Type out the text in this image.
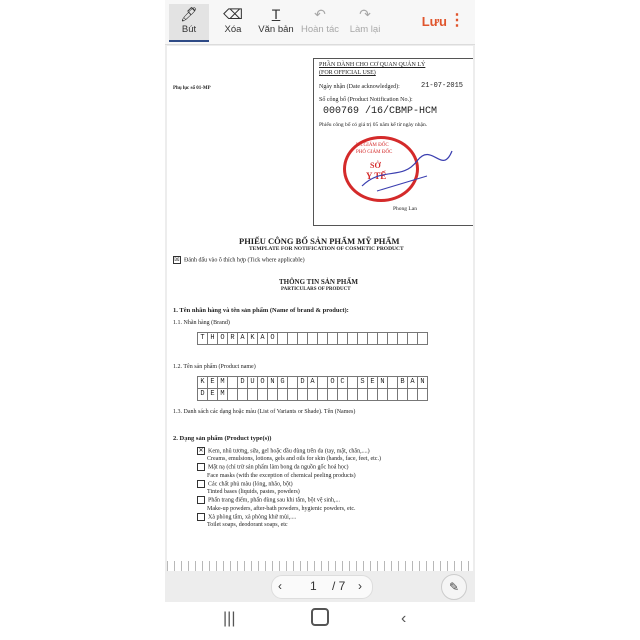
🖊
Bút
⌫
Xóa
T
Văn bản
↶
Hoàn tác
↷
Làm lại
Lưu ⋮
Phụ lục số 01-MP
PHẦN DÀNH CHO CƠ QUAN QUẢN LÝ
(FOR OFFICIAL USE)
Ngày nhận (Date acknowledged):	21-07-2015
Số công bố (Product Notification No.):
000769 /16/CBMP-HCM
Phiếu công bố có giá trị 05 năm kể từ ngày nhận.
KT.GIÁM ĐỐC
PHÓ GIÁM ĐỐC
SỞ
Y TẾ
Phong Lan
PHIẾU CÔNG BỐ SẢN PHẨM MỸ PHẨM
TEMPLATE FOR NOTIFICATION OF COSMETIC PRODUCT
☒ Đánh dấu vào ô thích hợp (Tick where applicable)
THÔNG TIN SẢN PHẨM
PARTICULARS OF PRODUCT
1. Tên nhãn hàng và tên sản phẩm (Name of brand & product):
1.1. Nhãn hàng (Brand)
T	H	O	R	A	K	A	O															
1.2. Tên sản phẩm (Product name)
K	E	M		D	U	O	N	G		D	A		O	C		S	E	N		B	A	N
D	E	M																				
1.3. Danh sách các dạng hoặc màu (List of Variants or Shade). Tên (Names)
2. Dạng sản phẩm (Product type(s))
✕ Kem, nhũ tương, sữa, gel hoặc dầu dùng trên da (tay, mặt, chân,....)
Creams, emulsions, lotions, gels and oils for skin (hands, face, feet, etc.)
Mặt nạ (chỉ trừ sản phẩm làm bong da nguồn gốc hoá học)
Face masks (with the exception of chemical peeling products)
Các chất phủ màu (lỏng, nhão, bột)
Tinted bases (liquids, pastes, powders)
Phấn trang điểm, phấn dùng sau khi tắm, bột vệ sinh,...
Make-up powders, after-bath powders, hygienic powders, etc.
Xà phòng tắm, xà phòng khử mùi,....
Toilet soaps, deodorant soaps, etc
‹ 1 / 7 ›	✎
|||	‹
